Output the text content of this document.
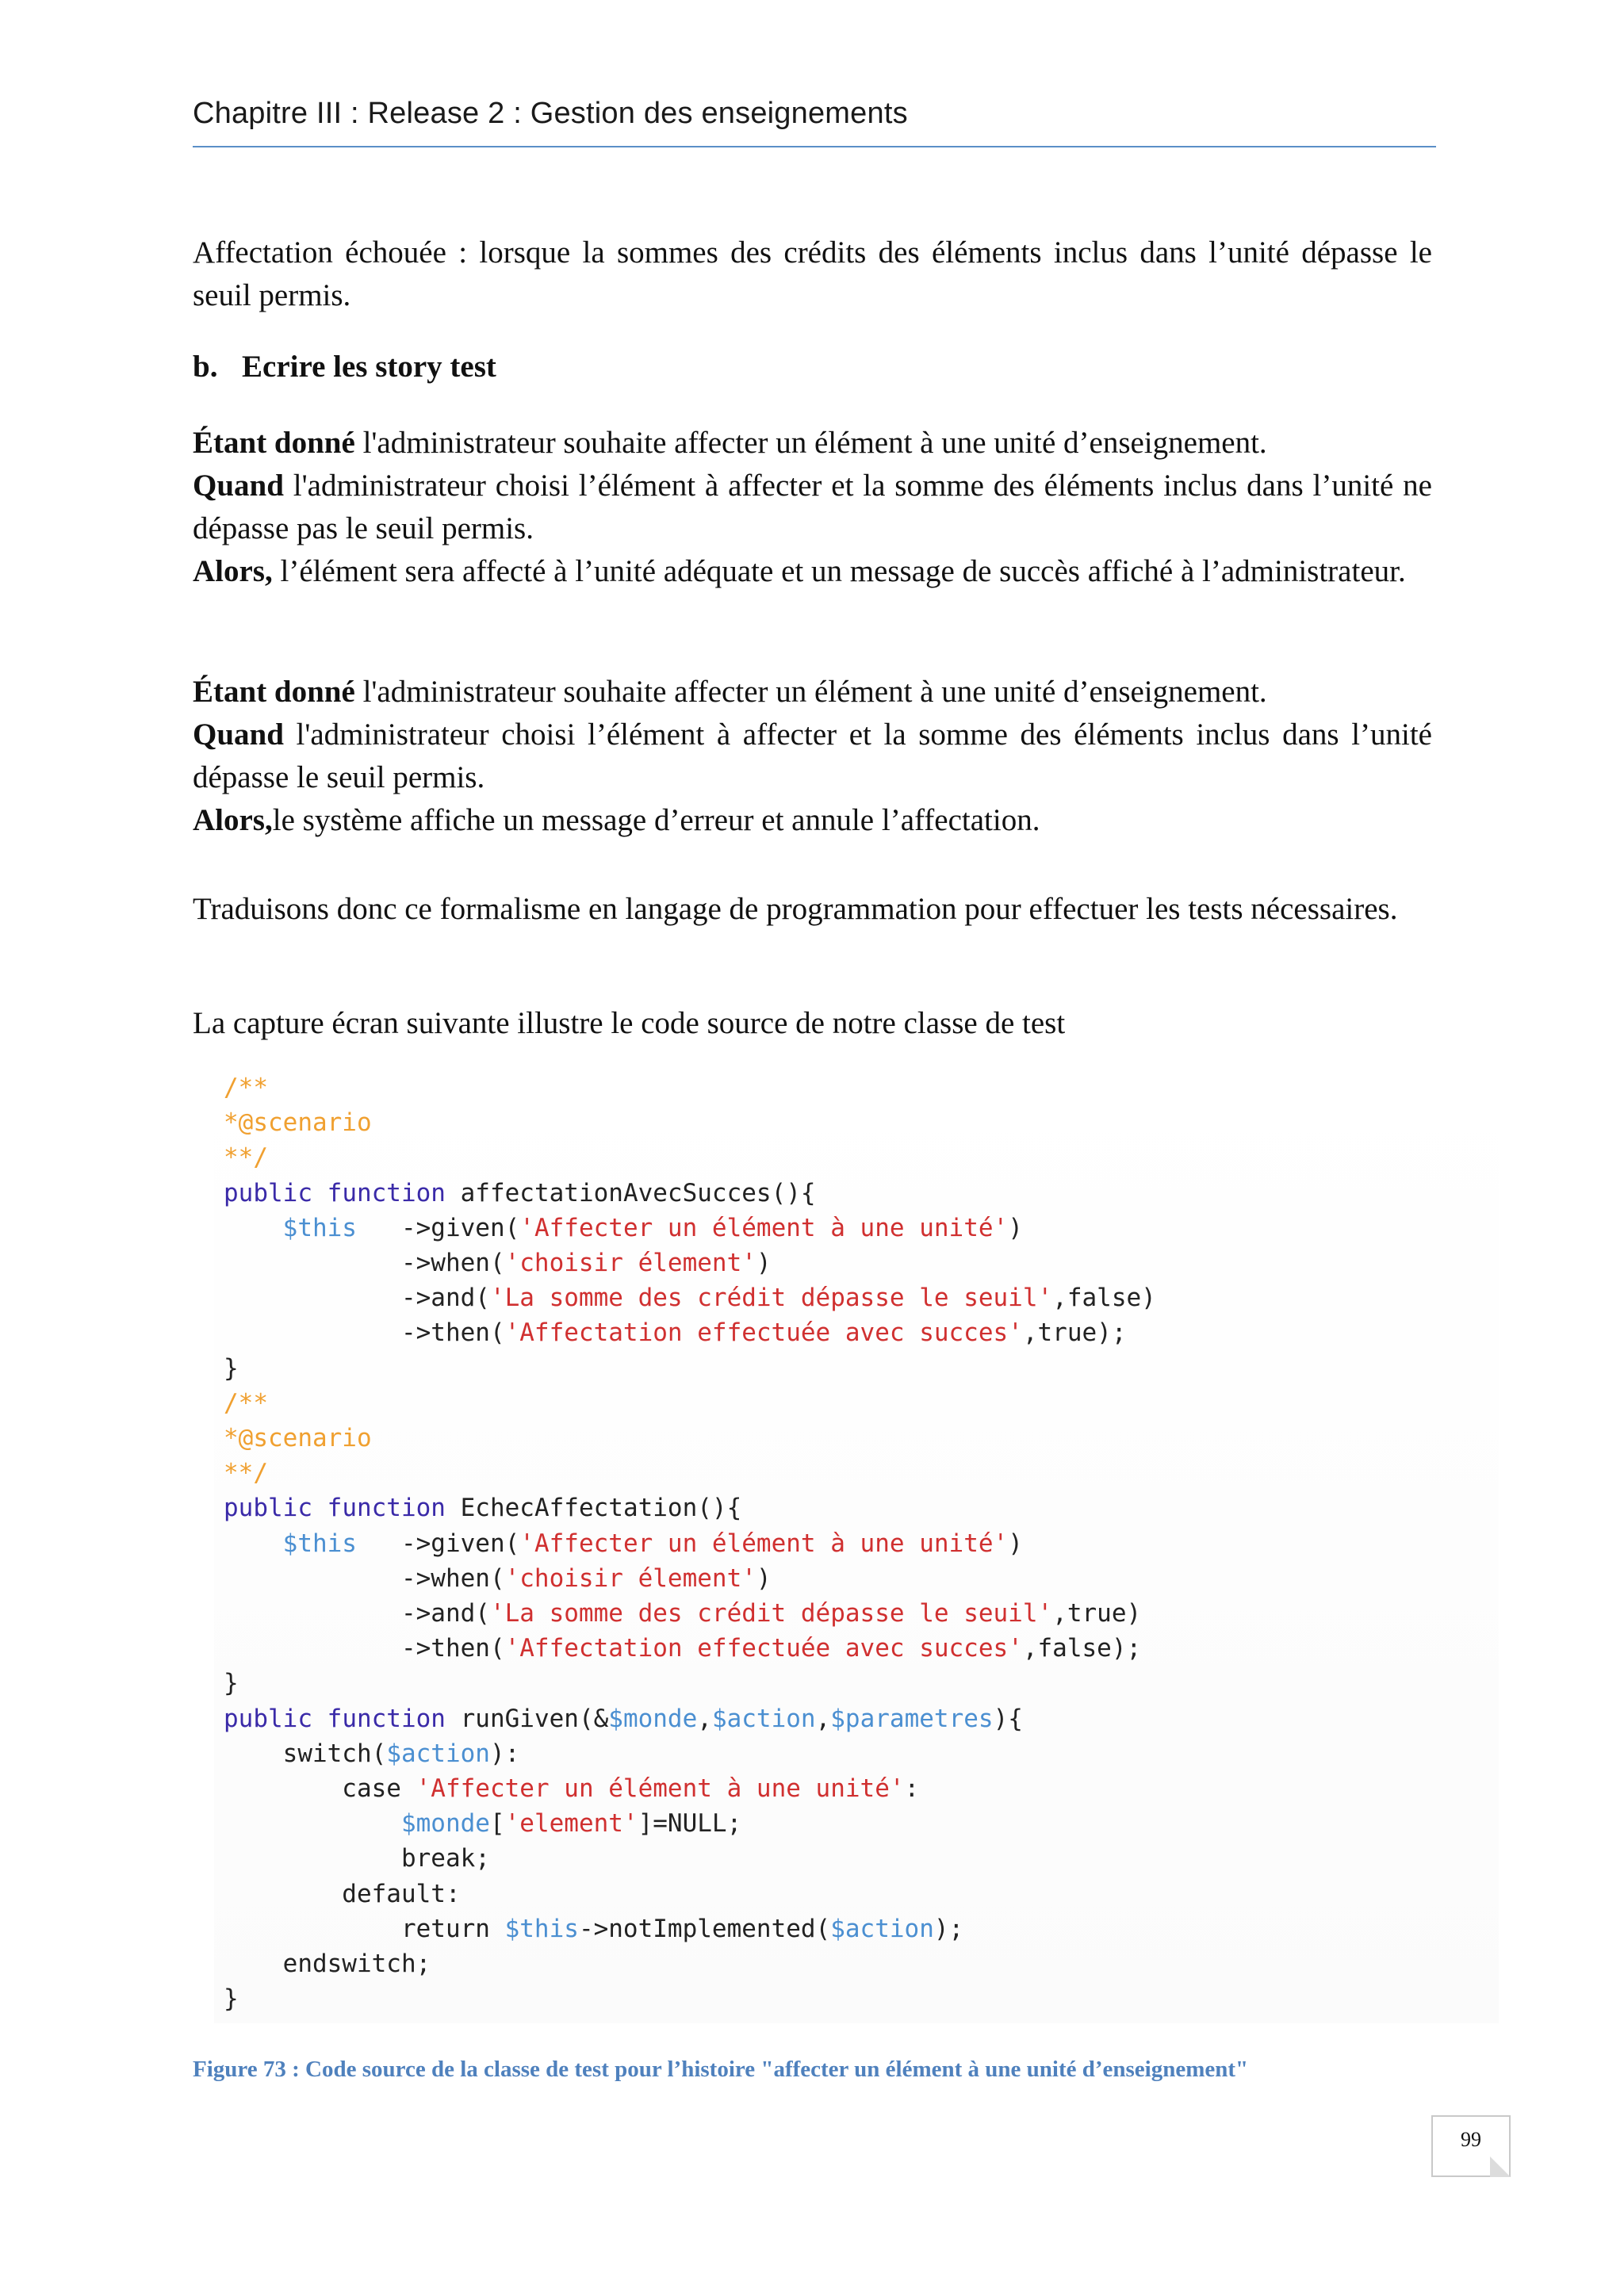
Chapitre III : Release 2 : Gestion des enseignements
Affectation échouée : lorsque la sommes des crédits des éléments inclus dans l’unité dépasse le seuil permis.
b. Ecrire les story test
Étant donné l'administrateur souhaite affecter un élément à une unité d’enseignement.
Quand l'administrateur choisi l’élément à affecter et la somme des éléments inclus dans l’unité ne dépasse pas le seuil permis.
Alors, l’élément sera affecté à l’unité adéquate et un message de succès affiché à l’administrateur.
Étant donné l'administrateur souhaite affecter un élément à une unité d’enseignement.
Quand l'administrateur choisi l’élément à affecter et la somme des éléments inclus dans l’unité dépasse le seuil permis.
Alors,le système affiche un message d’erreur et annule l’affectation.
Traduisons donc ce formalisme en langage de programmation pour effectuer les tests nécessaires.
La capture écran suivante illustre le code source de notre classe de test
/**
*@scenario
**/
public function affectationAvecSucces(){
$this   ->given('Affecter un élément à une unité')
->when('choisir élement')
->and('La somme des crédit dépasse le seuil',false)
->then('Affectation effectuée avec succes',true);
}
/**
*@scenario
**/
public function EchecAffectation(){
$this   ->given('Affecter un élément à une unité')
->when('choisir élement')
->and('La somme des crédit dépasse le seuil',true)
->then('Affectation effectuée avec succes',false);
}
public function runGiven(&$monde,$action,$parametres){
switch($action):
case 'Affecter un élément à une unité':
$monde['element']=NULL;
break;
default:
return $this->notImplemented($action);
endswitch;
}
Figure 73 : Code source de la classe de test pour l’histoire "affecter un élément à une unité d’enseignement"
99
